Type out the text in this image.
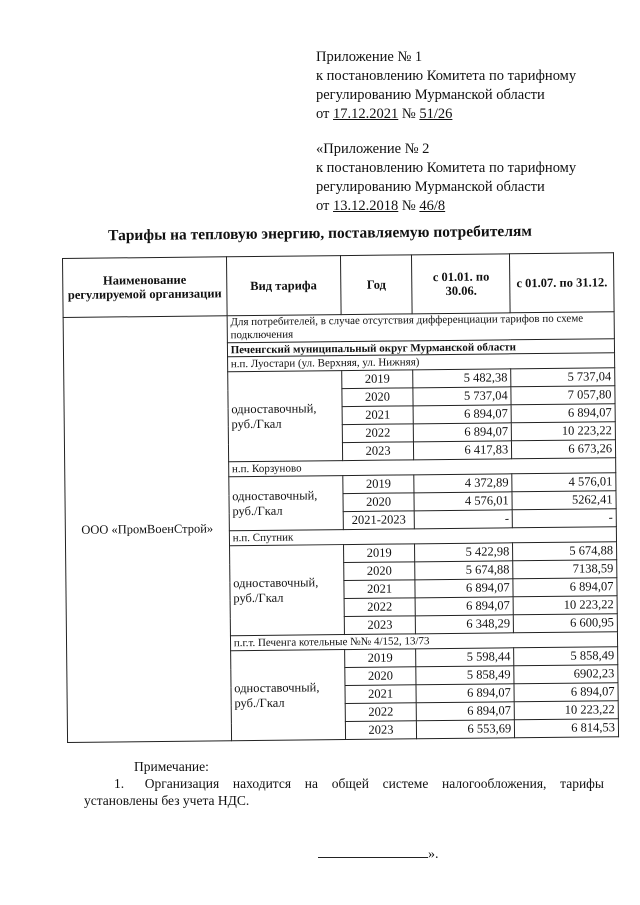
Приложение № 1
к постановлению Комитета по тарифному
регулированию Мурманской области
от 17.12.2021 № 51/26
«Приложение № 2
к постановлению Комитета по тарифному
регулированию Мурманской области
от 13.12.2018 № 46/8
Тарифы на тепловую энергию, поставляемую потребителям
Наименование регулируемой организации	Вид тарифа	Год	с 01.01. по 30.06.	с 01.07. по 31.12.
ООО «ПромВоенСтрой»	Для потребителей, в случае отсутствия дифференциации тарифов по схеме подключения			
	Печенгский муниципальный округ Мурманской области			
	н.п. Луостари (ул. Верхняя, ул. Нижняя)			
	одноставочный, руб./Гкал	2019	5 482,38	5 737,04
		2020	5 737,04	7 057,80
		2021	6 894,07	6 894,07
		2022	6 894,07	10 223,22
		2023	6 417,83	6 673,26
	н.п. Корзуново			
	одноставочный, руб./Гкал	2019	4 372,89	4 576,01
		2020	4 576,01	5262,41
		2021-2023	-	-
	н.п. Спутник			
	одноставочный, руб./Гкал	2019	5 422,98	5 674,88
		2020	5 674,88	7138,59
		2021	6 894,07	6 894,07
		2022	6 894,07	10 223,22
		2023	6 348,29	6 600,95
	п.г.т. Печенга котельные №№ 4/152, 13/73			
	одноставочный, руб./Гкал	2019	5 598,44	5 858,49
		2020	5 858,49	6902,23
		2021	6 894,07	6 894,07
		2022	6 894,07	10 223,22
		2023	6 553,69	6 814,53
Примечание:
1.   Организация  находится  на  общей  системе  налогообложения,  тарифы
установлены без учета НДС.
».
